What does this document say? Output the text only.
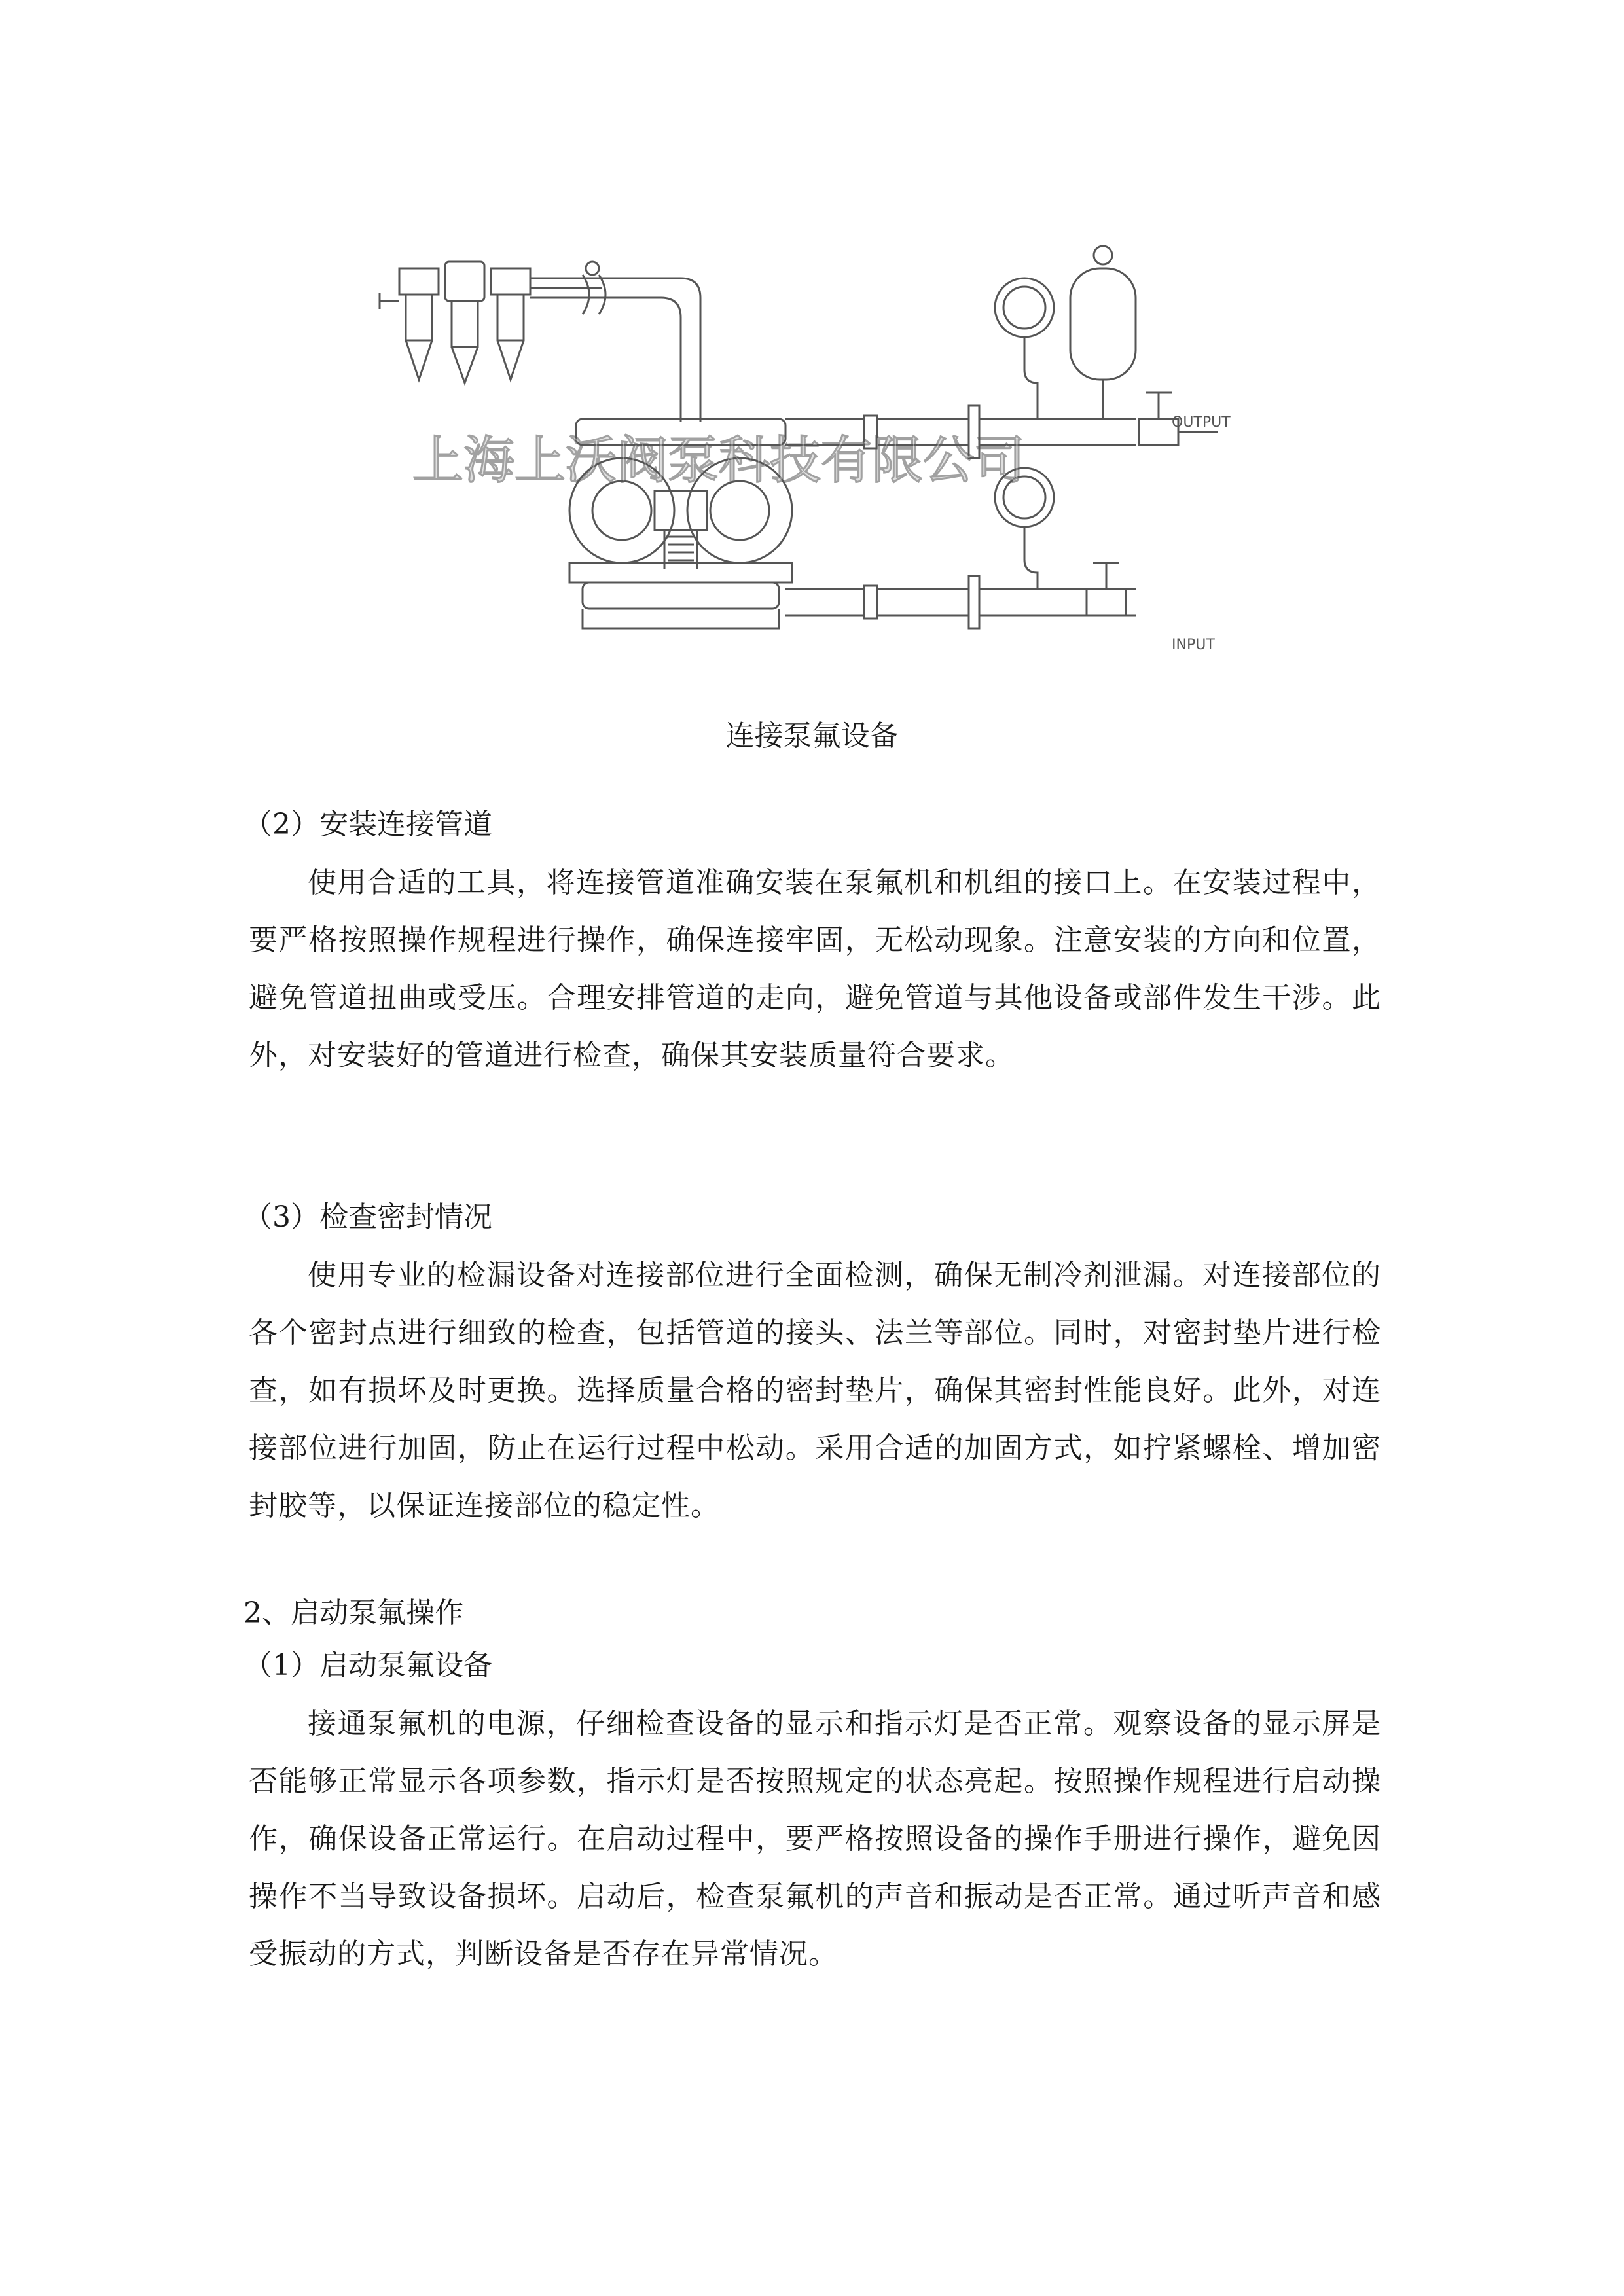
OUTPUT
INPUT
上海上沃阀泵科技有限公司
连接泵氟设备
（2）安装连接管道
使用合适的工具，将连接管道准确安装在泵氟机和机组的接口上。在安装过程中，要严格按照操作规程进行操作，确保连接牢固，无松动现象。注意安装的方向和位置，避免管道扭曲或受压。合理安排管道的走向，避免管道与其他设备或部件发生干涉。此外，对安装好的管道进行检查，确保其安装质量符合要求。
（3）检查密封情况
使用专业的检漏设备对连接部位进行全面检测，确保无制冷剂泄漏。对连接部位的各个密封点进行细致的检查，包括管道的接头、法兰等部位。同时，对密封垫片进行检查，如有损坏及时更换。选择质量合格的密封垫片，确保其密封性能良好。此外，对连接部位进行加固，防止在运行过程中松动。采用合适的加固方式，如拧紧螺栓、增加密封胶等，以保证连接部位的稳定性。
2、启动泵氟操作
（1）启动泵氟设备
接通泵氟机的电源，仔细检查设备的显示和指示灯是否正常。观察设备的显示屏是否能够正常显示各项参数，指示灯是否按照规定的状态亮起。按照操作规程进行启动操作，确保设备正常运行。在启动过程中，要严格按照设备的操作手册进行操作，避免因操作不当导致设备损坏。启动后，检查泵氟机的声音和振动是否正常。通过听声音和感受振动的方式，判断设备是否存在异常情况。
